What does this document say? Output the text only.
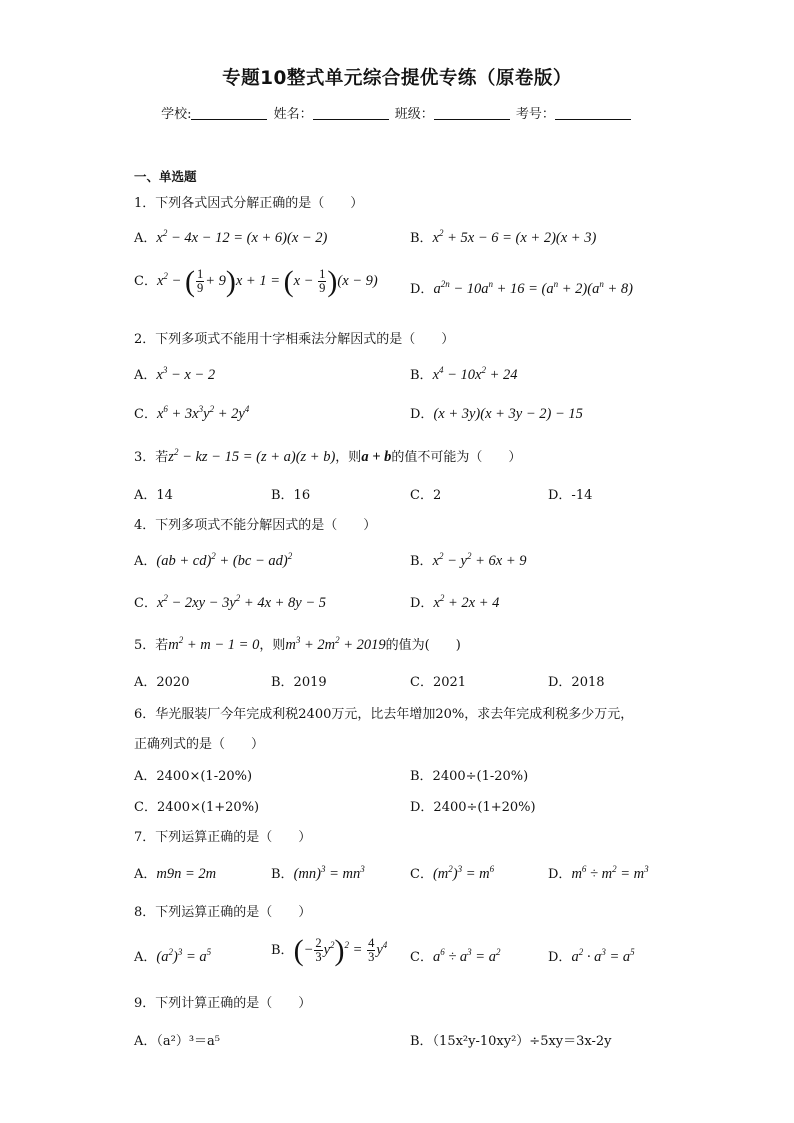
专题10整式单元综合提优专练（原卷版）
学校:	姓名：	班级：	考号：
一、单选题
1．下列各式因式分解正确的是（　　）
A．$x^2 - 4x - 12 = (x + 6)(x - 2)$	B．$x^2 + 5x - 6 = (x + 2)(x + 3)$
C．$x^2$ − ( $\frac{1}{9} + 9)x + 1 = (x - \frac{1}{9} )(x - 9)$
D．$a^{2n} - 10a^n + 16 = (a^n + 2)(a^n + 8)$
2．下列多项式不能用十字相乘法分解因式的是（　　）
A．$x^3 - x - 2$	B．$x^4 - 10x^2 + 24$
C．$x^6 + 3x^3y^2 + 2y^4$	D．(x + 3y)(x + 3y − 2) − 15
3．若$z^2$ − kz − 15 = (z + a)(z + b)，则a + b的值不可能为（　　）
A．14	B．16	C．2	D．-14
4．下列多项式不能分解因式的是（　　）
A．(ab + cd)$^2$ + (bc − ad)$^2$	B．$x^2 - y^2 + 6x + 9$
C．$x^2 - 2xy - 3y^2 + 4x + 8y - 5$	D．$x^2 + 2x + 4$
5．若$m^2 + m - 1 = 0$，则$m^3 + 2m^2 + 2019$的值为(　　)
A．2020	B．2019	C．2021	D．2018
6．华光服装厂今年完成利税2400万元，比去年增加20%，求去年完成利税多少万元，
正确列式的是（　　）
A．2400×(1-20%)	B．2400÷(1-20%)
C．2400×(1+20%)	D．2400÷(1+20%)
7．下列运算正确的是（　　）
A．m9n = 2m	B．$(mn)^3 = mn^3$	C．$(m^2)^3 = m^6$	D．$m^6 \div m^2 = m^3$
8．下列运算正确的是（　　）
A．$(a^2)^3 = a^5$	B．(− $\frac{2}{3} y^2)^2 = \frac{4}{3} y^4$
C．$a^6 \div a^3 = a^2$	D．$a^2 \cdot a^3 = a^5$
9．下列计算正确的是（　　）
A．（a²）³＝a⁵	B．（15x²y-10xy²）÷5xy＝3x-2y
